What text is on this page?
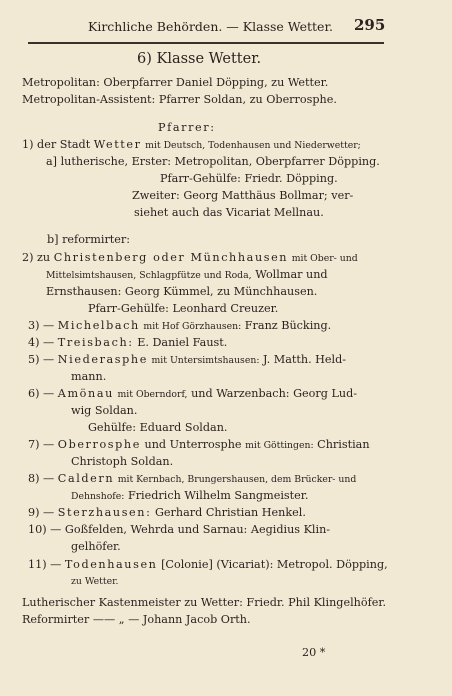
Kirchliche Behörden. — Klasse Wetter. 295
6) Klasse Wetter.
Metropolitan: Oberpfarrer Daniel Döpping, zu Wetter.
Metropolitan-Assistent: Pfarrer Soldan, zu Oberrosphe.
Pfarrer:
1) der Stadt Wetter mit Deutsch, Todenhausen und Niederwetter;
a] lutherische, Erster: Metropolitan, Oberpfarrer Döpping.
Pfarr-Gehülfe: Friedr. Döpping.
Zweiter: Georg Matthäus Bollmar; ver-
siehet auch das Vicariat Mellnau.
b] reformirter:
2) zu Christenberg oder Münchhausen mit Ober- und
Mittelsimtshausen, Schlagpfütze und Roda, Wollmar und
Ernsthausen: Georg Kümmel, zu Münchhausen.
Pfarr-Gehülfe: Leonhard Creuzer.
3) — Michelbach mit Hof Görzhausen: Franz Bücking.
4) — Treisbach: E. Daniel Faust.
5) — Niederasphe mit Untersimtshausen: J. Matth. Held-
mann.
6) — Amönau mit Oberndorf, und Warzenbach: Georg Lud-
wig Soldan.
Gehülfe: Eduard Soldan.
7) — Oberrosphe und Unterrosphe mit Göttingen: Christian
Christoph Soldan.
8) — Caldern mit Kernbach, Brungershausen, dem Brücker- und
Dehnshofe: Friedrich Wilhelm Sangmeister.
9) — Sterzhausen: Gerhard Christian Henkel.
10) — Goßfelden, Wehrda und Sarnau: Aegidius Klin-
gelhöfer.
11) — Todenhausen [Colonie] (Vicariat): Metropol. Döpping,
zu Wetter.
Lutherischer Kastenmeister zu Wetter: Friedr. Phil Klingelhöfer.
Reformirter —— „ — Johann Jacob Orth.
20 *
